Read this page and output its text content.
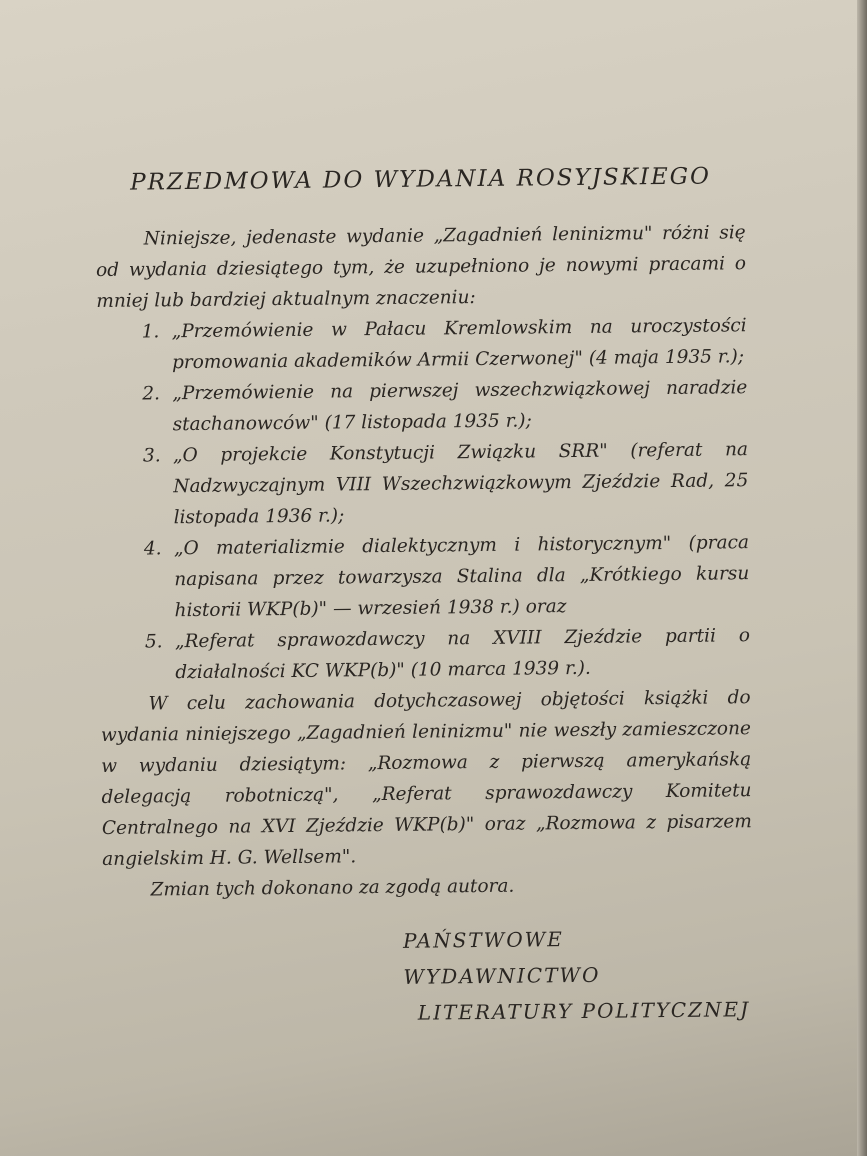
PRZEDMOWA DO WYDANIA ROSYJSKIEGO

Niniejsze, jedenaste wydanie „Zagadnień leninizmu" różni się od wydania dziesiątego tym, że uzupełniono je nowymi pracami o mniej lub bardziej aktualnym znaczeniu:

1. „Przemówienie w Pałacu Kremlowskim na uroczystości promowania akademików Armii Czerwonej" (4 maja 1935 r.);
2. „Przemówienie na pierwszej wszechzwiązkowej naradzie stachanowców" (17 listopada 1935 r.);
3. „O projekcie Konstytucji Związku SRR" (referat na Nadzwyczajnym VIII Wszechzwiązkowym Zjeździe Rad, 25 listopada 1936 r.);
4. „O materializmie dialektycznym i historycznym" (praca napisana przez towarzysza Stalina dla „Krótkiego kursu historii WKP(b)" — wrzesień 1938 r.) oraz
5. „Referat sprawozdawczy na XVIII Zjeździe partii o działalności KC WKP(b)" (10 marca 1939 r.).

W celu zachowania dotychczasowej objętości książki do wydania niniejszego „Zagadnień leninizmu" nie weszły zamieszczone w wydaniu dziesiątym: „Rozmowa z pierwszą amerykańską delegacją robotniczą", „Referat sprawozdawczy Komitetu Centralnego na XVI Zjeździe WKP(b)" oraz „Rozmowa z pisarzem angielskim H. G. Wellsem".

Zmian tych dokonano za zgodą autora.

PAŃSTWOWE WYDAWNICTWO
LITERATURY POLITYCZNEJ
